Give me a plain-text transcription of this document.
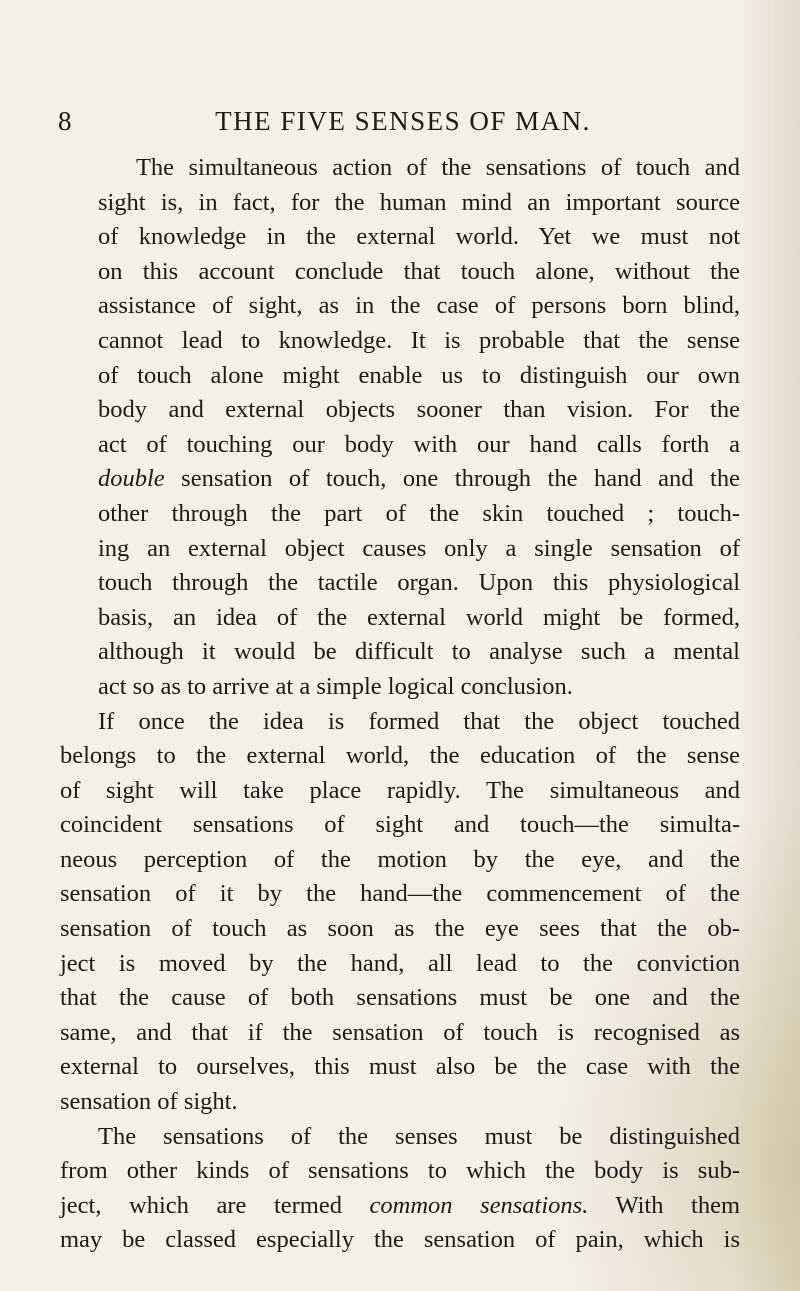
8	THE FIVE SENSES OF MAN.

The simultaneous action of the sensations of touch and
sight is, in fact, for the human mind an important source
of knowledge in the external world. Yet we must not
on this account conclude that touch alone, without the
assistance of sight, as in the case of persons born blind,
cannot lead to knowledge. It is probable that the sense
of touch alone might enable us to distinguish our own
body and external objects sooner than vision. For the
act of touching our body with our hand calls forth a
double sensation of touch, one through the hand and the
other through the part of the skin touched ; touch-
ing an external object causes only a single sensation of
touch through the tactile organ. Upon this physiological
basis, an idea of the external world might be formed,
although it would be difficult to analyse such a mental
act so as to arrive at a simple logical conclusion.

If once the idea is formed that the object touched
belongs to the external world, the education of the sense
of sight will take place rapidly. The simultaneous and
coincident sensations of sight and touch—the simulta-
neous perception of the motion by the eye, and the
sensation of it by the hand—the commencement of the
sensation of touch as soon as the eye sees that the ob-
ject is moved by the hand, all lead to the conviction
that the cause of both sensations must be one and the
same, and that if the sensation of touch is recognised as
external to ourselves, this must also be the case with the
sensation of sight.

The sensations of the senses must be distinguished
from other kinds of sensations to which the body is sub-
ject, which are termed common sensations. With them
may be classed especially the sensation of pain, which is
